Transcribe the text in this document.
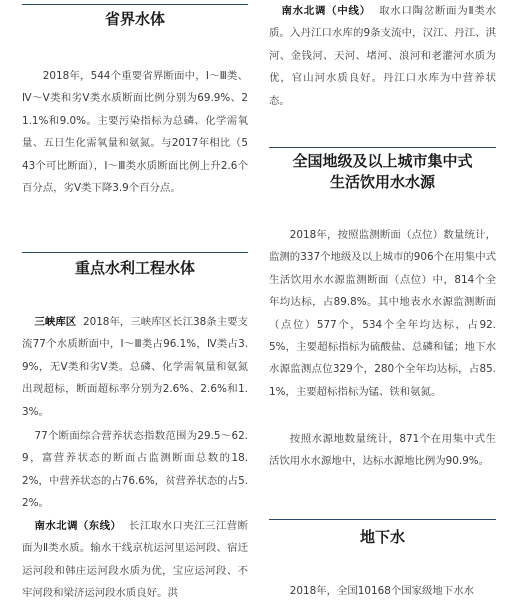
省界水体

2018年，544个重要省界断面中，Ⅰ～Ⅲ类、Ⅳ～Ⅴ类和劣Ⅴ类水质断面比例分别为69.9%、21.1%和9.0%。主要污染指标为总磷、化学需氧量、五日生化需氧量和氨氮。与2017年相比（543个可比断面），Ⅰ～Ⅲ类水质断面比例上升2.6个百分点，劣Ⅴ类下降3.9个百分点。

重点水利工程水体

三峡库区 2018年，三峡库区长江38条主要支流77个水质断面中，Ⅰ～Ⅲ类占96.1%，Ⅳ类占3.9%，无Ⅴ类和劣Ⅴ类。总磷、化学需氧量和氨氮出现超标，断面超标率分别为2.6%、2.6%和1.3%。

77个断面综合营养状态指数范围为29.5～62.9，富营养状态的断面占监测断面总数的18.2%，中营养状态的占76.6%，贫营养状态的占5.2%。

南水北调（东线） 长江取水口夹江三江营断面为Ⅱ类水质。输水干线京杭运河里运河段、宿迁运河段和韩庄运河段水质为优，宝应运河段、不牢河段和梁济运河段水质良好。洪

南水北调（中线） 取水口陶岔断面为Ⅱ类水质。入丹江口水库的9条支流中，汉江、丹江、淇河、金钱河、天河、堵河、浪河和老灌河水质为优，官山河水质良好。丹江口水库为中营养状态。

全国地级及以上城市集中式
生活饮用水水源

2018年，按照监测断面（点位）数量统计，监测的337个地级及以上城市的906个在用集中式生活饮用水水源监测断面（点位）中，814个全年均达标，占89.8%。其中地表水水源监测断面（点位）577个，534个全年均达标，占92.5%，主要超标指标为硫酸盐、总磷和锰；地下水水源监测点位329个，280个全年均达标，占85.1%，主要超标指标为锰、铁和氨氮。

按照水源地数量统计，871个在用集中式生活饮用水水源地中，达标水源地比例为90.9%。

地下水

2018年，全国10168个国家级地下水水
